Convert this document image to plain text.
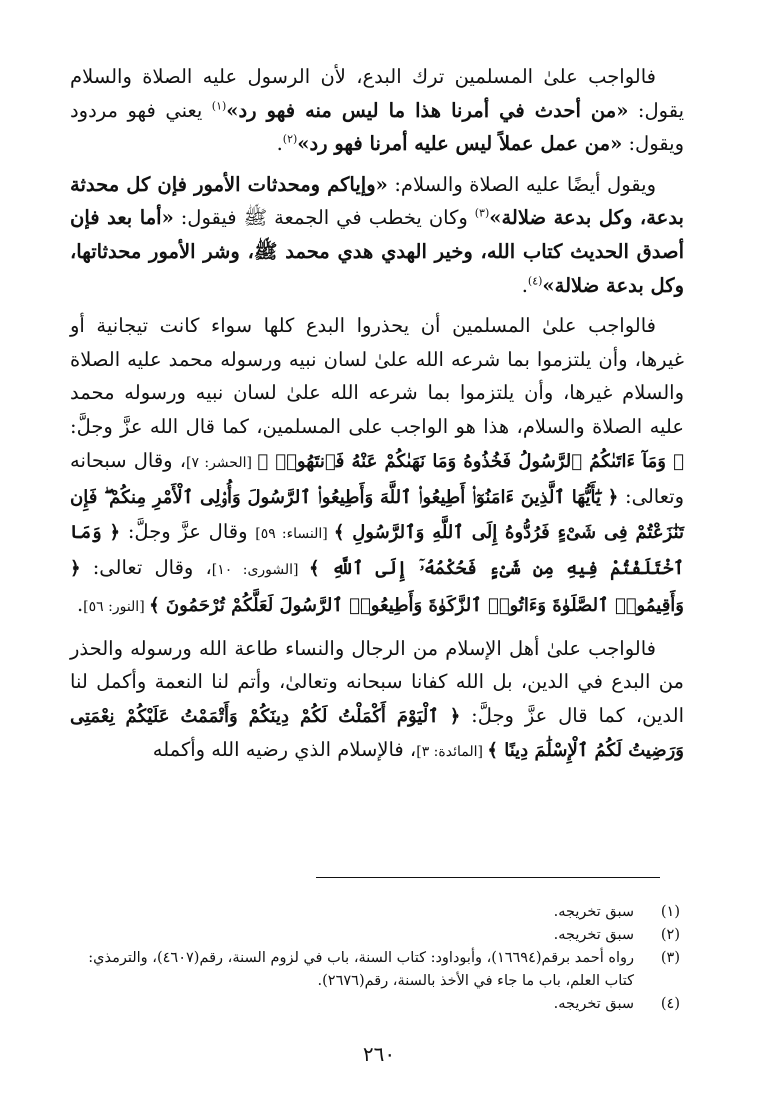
فالواجب علىٰ المسلمين ترك البدع، لأن الرسول عليه الصلاة والسلام يقول: «من أحدث في أمرنا هذا ما ليس منه فهو رد»$^{(١)}$ يعني فهو مردود ويقول: «من عمل عملاً ليس عليه أمرنا فهو رد»$^{(٢)}$.

ويقول أيضًا عليه الصلاة والسلام: «وإياكم ومحدثات الأمور فإن كل محدثة بدعة، وكل بدعة ضلالة»$^{(٣)}$ وكان يخطب في الجمعة ﷺ فيقول: «أما بعد فإن أصدق الحديث كتاب الله، وخير الهدي هدي محمد ﷺ، وشر الأمور محدثاتها، وكل بدعة ضلالة»$^{(٤)}$.

فالواجب علىٰ المسلمين أن يحذروا البدع كلها سواء كانت تيجانية أو غيرها، وأن يلتزموا بما شرعه الله علىٰ لسان نبيه ورسوله محمد عليه الصلاة والسلام غيرها، وأن يلتزموا بما شرعه الله علىٰ لسان نبيه ورسوله محمد عليه الصلاة والسلام، هذا هو الواجب على المسلمين، كما قال الله عزَّ وجلَّ: ﴿ وَمَآ ءَاتَىٰكُمُ ٱلرَّسُولُ فَخُذُوهُ وَمَا نَهَىٰكُمْ عَنْهُ فَٱنتَهُوا۟ ﴾ [الحشر: ٧]، وقال سبحانه وتعالى: ﴿ يَٰٓأَيُّهَا ٱلَّذِينَ ءَامَنُوٓا۟ أَطِيعُوا۟ ٱللَّهَ وَأَطِيعُوا۟ ٱلرَّسُولَ وَأُو۟لِى ٱلْأَمْرِ مِنكُمْ ۖ فَإِن تَنَٰزَعْتُمْ فِى شَىْءٍ فَرُدُّوهُ إِلَى ٱللَّهِ وَٱلرَّسُولِ ﴾ [النساء: ٥٩] وقال عزَّ وجلَّ: ﴿ وَمَا ٱخْتَلَفْتُمْ فِيهِ مِن شَىْءٍ فَحُكْمُهُۥٓ إِلَى ٱللَّهِ ﴾ [الشورى: ١٠]، وقال تعالى: ﴿ وَأَقِيمُوا۟ ٱلصَّلَوٰةَ وَءَاتُوا۟ ٱلزَّكَوٰةَ وَأَطِيعُوا۟ ٱلرَّسُولَ لَعَلَّكُمْ تُرْحَمُونَ ﴾ [النور: ٥٦].

فالواجب علىٰ أهل الإسلام من الرجال والنساء طاعة الله ورسوله والحذر من البدع في الدين، بل الله كفانا سبحانه وتعالىٰ، وأتم لنا النعمة وأكمل لنا الدين، كما قال عزَّ وجلَّ: ﴿ ٱلْيَوْمَ أَكْمَلْتُ لَكُمْ دِينَكُمْ وَأَتْمَمْتُ عَلَيْكُمْ نِعْمَتِى وَرَضِيتُ لَكُمُ ٱلْإِسْلَٰمَ دِينًا ﴾ [المائدة: ٣]، فالإسلام الذي رضيه الله وأكمله

(١)
سبق تخريجه.
(٢)
سبق تخريجه.
(٣)
رواه أحمد برقم(١٦٦٩٤)، وأبوداود: كتاب السنة، باب في لزوم السنة، رقم(٤٦٠٧)، والترمذي: كتاب العلم، باب ما جاء في الأخذ بالسنة، رقم(٢٦٧٦).
(٤)
سبق تخريجه.
٢٦٠
